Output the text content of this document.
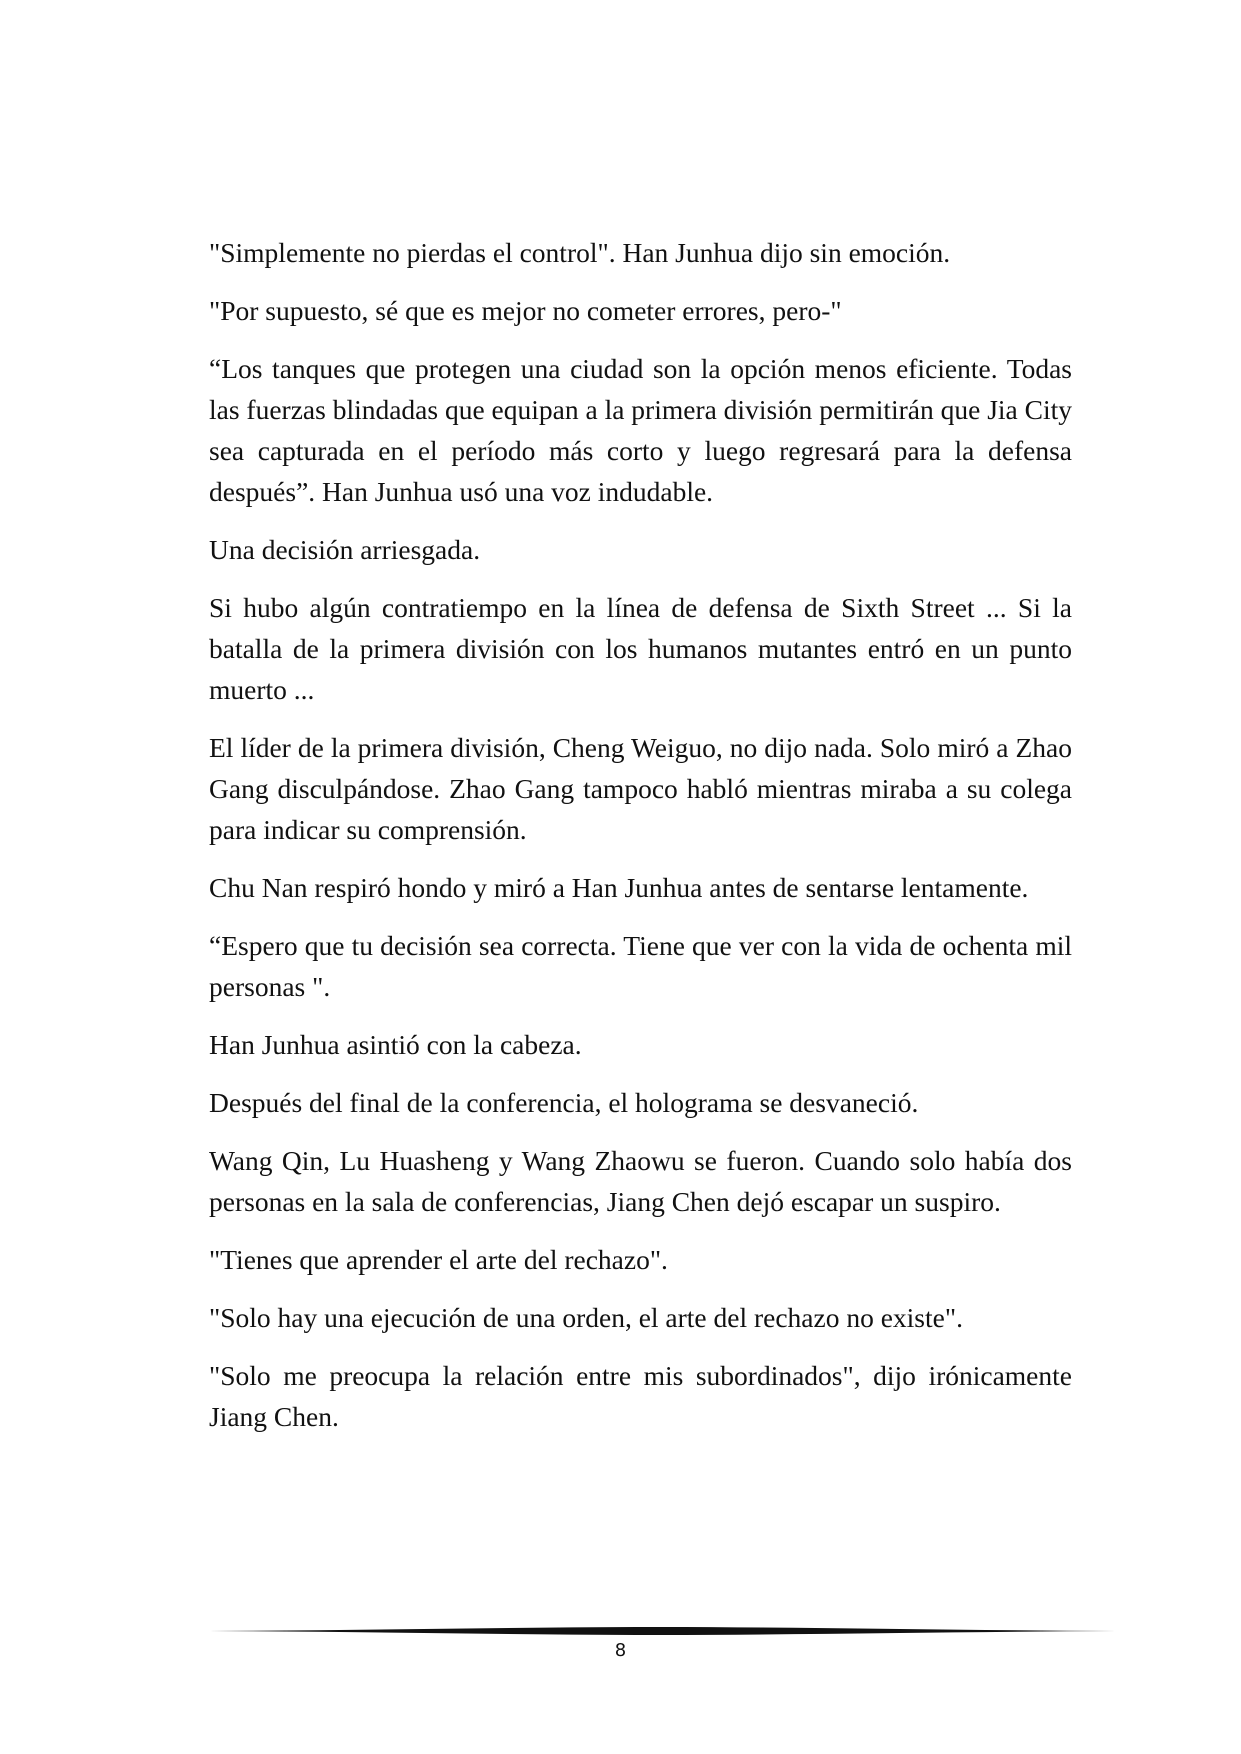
"Simplemente no pierdas el control". Han Junhua dijo sin emoción.

"Por supuesto, sé que es mejor no cometer errores, pero-"

“Los tanques que protegen una ciudad son la opción menos eficiente. Todas las fuerzas blindadas que equipan a la primera división permitirán que Jia City sea capturada en el período más corto y luego regresará para la defensa después”. Han Junhua usó una voz indudable.

Una decisión arriesgada.

Si hubo algún contratiempo en la línea de defensa de Sixth Street ... Si la batalla de la primera división con los humanos mutantes entró en un punto muerto ...

El líder de la primera división, Cheng Weiguo, no dijo nada. Solo miró a Zhao Gang disculpándose. Zhao Gang tampoco habló mientras miraba a su colega para indicar su comprensión.

Chu Nan respiró hondo y miró a Han Junhua antes de sentarse lentamente.

“Espero que tu decisión sea correcta. Tiene que ver con la vida de ochenta mil personas ".

Han Junhua asintió con la cabeza.

Después del final de la conferencia, el holograma se desvaneció.

Wang Qin, Lu Huasheng y Wang Zhaowu se fueron. Cuando solo había dos personas en la sala de conferencias, Jiang Chen dejó escapar un suspiro.

"Tienes que aprender el arte del rechazo".

"Solo hay una ejecución de una orden, el arte del rechazo no existe".

"Solo me preocupa la relación entre mis subordinados", dijo irónicamente Jiang Chen.

8
